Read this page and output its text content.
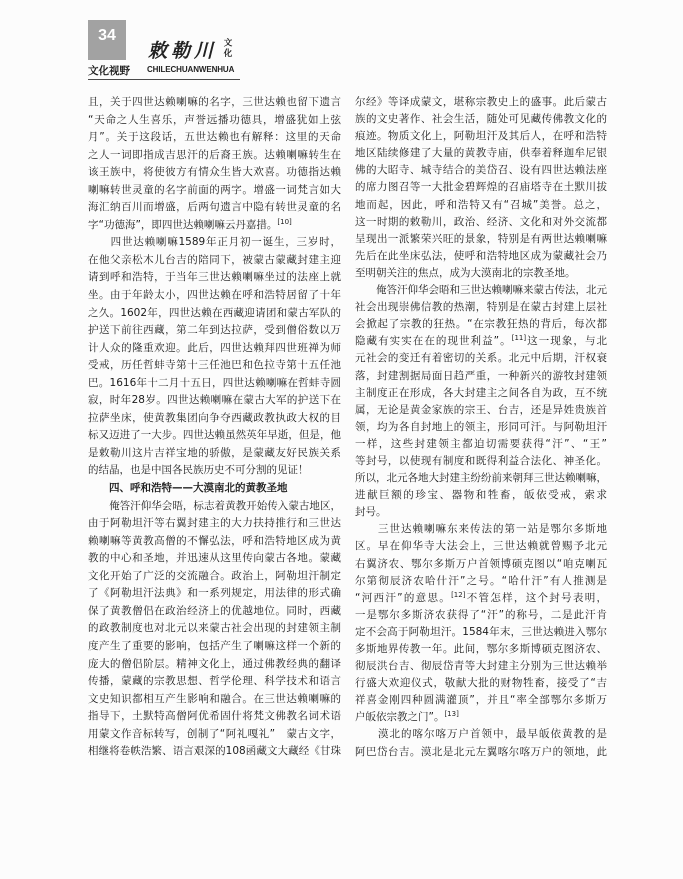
34
文化视野
敕勒川 文化
CHILECHUANWENHUA
且，关于四世达赖喇嘛的名字，三世达赖也留下遗言
“天命之人生喜乐，声誉远播功德具，增盛犹如上弦
月”。关于这段话，五世达赖也有解释：这里的天命
之人一词即指成吉思汗的后裔王族。达赖喇嘛转生在
该王族中，将使彼方有情众生皆大欢喜。功德指达赖
喇嘛转世灵童的名字前面的两字。增盛一词梵言如大
海汇纳百川而增盛，后两句遗言中隐有转世灵童的名
字“功德海”，即四世达赖喇嘛云丹嘉措。[10]
　　四世达赖喇嘛1589年正月初一诞生，三岁时，
在他父亲松木儿台吉的陪同下，被蒙古蒙藏封建主迎
请到呼和浩特，于当年三世达赖喇嘛坐过的法座上就
坐。由于年龄太小，四世达赖在呼和浩特居留了十年
之久。1602年，四世达赖在西藏迎请团和蒙古军队的
护送下前往西藏，第二年到达拉萨，受到僧俗数以万
计人众的隆重欢迎。此后，四世达赖拜四世班禅为师
受戒，历任哲蚌寺第十三任池巴和色拉寺第十五任池
巴。1616年十二月十五日，四世达赖喇嘛在哲蚌寺圆
寂，时年28岁。四世达赖喇嘛在蒙古大军的护送下在
拉萨坐床，使黄教集团向争夺西藏政教执政大权的目
标又迈进了一大步。四世达赖虽然英年早逝，但是，他
是敕勒川这片吉祥宝地的骄傲，是蒙藏友好民族关系
的结晶，也是中国各民族历史不可分割的见证！
四、呼和浩特——大漠南北的黄教圣地
　　俺答汗仰华会晤，标志着黄教开始传入蒙古地区，
由于阿勒坦汗等右翼封建主的大力扶持推行和三世达
赖喇嘛等黄教高僧的不懈弘法，呼和浩特地区成为黄
教的中心和圣地，并迅速从这里传向蒙古各地。蒙藏
文化开始了广泛的交流融合。政治上，阿勒坦汗制定
了《阿勒坦汗法典》和一系列规定，用法律的形式确
保了黄教僧侣在政治经济上的优越地位。同时，西藏
的政教制度也对北元以来蒙古社会出现的封建领主制
度产生了重要的影响，包括产生了喇嘛这样一个新的
庞大的僧侣阶层。精神文化上，通过佛教经典的翻译
传播，蒙藏的宗教思想、哲学伦理、科学技术和语言
文史知识都相互产生影响和融合。在三世达赖喇嘛的
指导下，土默特高僧阿优希固什将梵文佛教名词术语
用蒙文作音标转写，创制了“阿礼嘎礼”　蒙古文字，
相继将卷帙浩繁、语言艰深的108函藏文大藏经《甘珠
尔经》等译成蒙文，堪称宗教史上的盛事。此后蒙古
族的文史著作、社会生活，随处可见藏传佛教文化的
痕迹。物质文化上，阿勒坦汗及其后人，在呼和浩特
地区陆续修建了大量的黄教寺庙，供奉着释迦牟尼银
佛的大昭寺、城寺结合的美岱召、设有四世达赖法座
的席力图召等一大批金碧辉煌的召庙塔寺在土默川拔
地而起，因此，呼和浩特又有“召城”美誉。总之，
这一时期的敕勒川，政治、经济、文化和对外交流都
呈现出一派繁荣兴旺的景象，特别是有两世达赖喇嘛
先后在此坐床弘法，使呼和浩特地区成为蒙藏社会乃
至明朝关注的焦点，成为大漠南北的宗教圣地。
　　俺答汗仰华会晤和三世达赖喇嘛来蒙古传法，北元
社会出现崇佛信教的热潮，特别是在蒙古封建上层社
会掀起了宗教的狂热。“在宗教狂热的背后，每次都
隐藏有实实在在的现世利益”。[11]这一现象，与北
元社会的变迁有着密切的关系。北元中后期，汗权衰
落，封建割据局面日趋严重，一种新兴的游牧封建领
主制度正在形成，各大封建主之间各自为政，互不统
属，无论是黄金家族的宗王、台吉，还是异姓贵族首
领，均为各自封地上的领主，形同可汗。与阿勒坦汗
一样，这些封建领主都迫切需要获得“汗”、“王”
等封号，以使现有制度和既得利益合法化、神圣化。
所以，北元各地大封建主纷纷前来朝拜三世达赖喇嘛，
进献巨额的珍宝、器物和牲畜，皈依受戒，索求
封号。
　　三世达赖喇嘛东来传法的第一站是鄂尔多斯地
区。早在仰华寺大法会上，三世达赖就曾赐予北元
右翼济农、鄂尔多斯万户首领博硕克图以“咱克喇瓦
尔第彻辰济农哈什汗”之号。“哈什汗”有人推测是
“河西汗”的意思。[12]不管怎样，这个封号表明，
一是鄂尔多斯济农获得了“汗”的称号，二是此汗肯
定不会高于阿勒坦汗。1584年末，三世达赖进入鄂尔
多斯地界传教一年。此间，鄂尔多斯博硕克图济农、
彻辰洪台吉、彻辰岱青等大封建主分别为三世达赖举
行盛大欢迎仪式，敬献大批的财物牲畜，接受了“吉
祥喜金刚四种圆满灌顶”，并且“率全部鄂尔多斯万
户皈依宗教之门”。[13]
　　漠北的喀尔喀万户首领中，最早皈依黄教的是
阿巴岱台吉。漠北是北元左翼喀尔喀万户的领地，此
